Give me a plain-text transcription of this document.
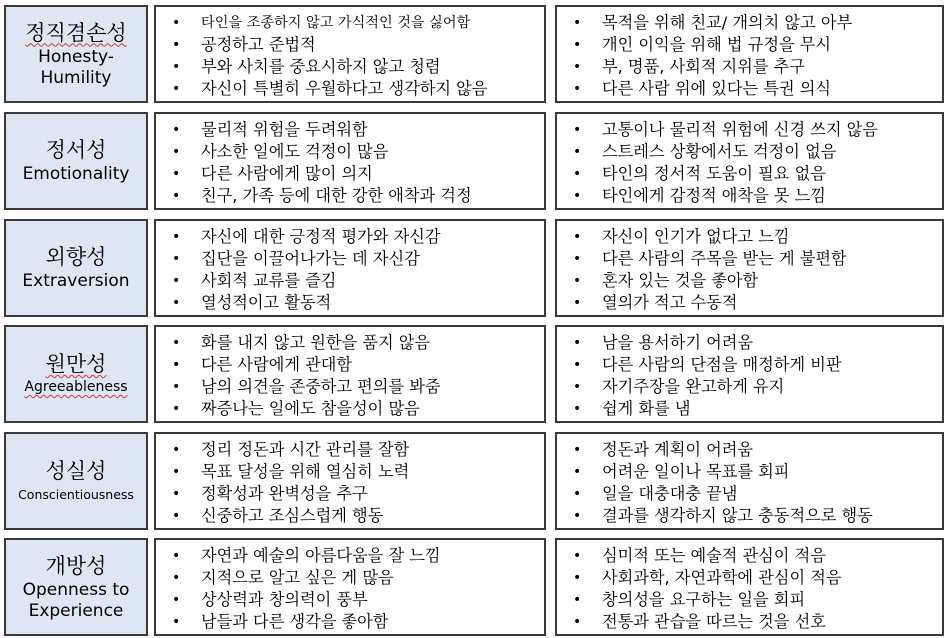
정직겸손성
Honesty-
Humility
• 타인을 조종하지 않고 가식적인 것을 싫어함
• 공정하고 준법적
• 부와 사치를 중요시하지 않고 청렴
• 자신이 특별히 우월하다고 생각하지 않음
• 목적을 위해 친교/ 개의치 않고 아부
• 개인 이익을 위해 법 규정을 무시
• 부, 명품, 사회적 지위를 추구
• 다른 사람 위에 있다는 특권 의식
정서성
Emotionality
• 물리적 위험을 두려워함
• 사소한 일에도 걱정이 많음
• 다른 사람에게 많이 의지
• 친구, 가족 등에 대한 강한 애착과 걱정
• 고통이나 물리적 위험에 신경 쓰지 않음
• 스트레스 상황에서도 걱정이 없음
• 타인의 정서적 도움이 필요 없음
• 타인에게 감정적 애착을 못 느낌
외향성
Extraversion
• 자신에 대한 긍정적 평가와 자신감
• 집단을 이끌어나가는 데 자신감
• 사회적 교류를 즐김
• 열성적이고 활동적
• 자신이 인기가 없다고 느낌
• 다른 사람의 주목을 받는 게 불편함
• 혼자 있는 것을 좋아함
• 열의가 적고 수동적
원만성
Agreeableness
• 화를 내지 않고 원한을 품지 않음
• 다른 사람에게 관대함
• 남의 의견을 존중하고 편의를 봐줌
• 짜증나는 일에도 참을성이 많음
• 남을 용서하기 어려움
• 다른 사람의 단점을 매정하게 비판
• 자기주장을 완고하게 유지
• 쉽게 화를 냄
성실성
Conscientiousness
• 정리 정돈과 시간 관리를 잘함
• 목표 달성을 위해 열심히 노력
• 정확성과 완벽성을 추구
• 신중하고 조심스럽게 행동
• 정돈과 계획이 어려움
• 어려운 일이나 목표를 회피
• 일을 대충대충 끝냄
• 결과를 생각하지 않고 충동적으로 행동
개방성
Openness to
Experience
• 자연과 예술의 아름다움을 잘 느낌
• 지적으로 알고 싶은 게 많음
• 상상력과 창의력이 풍부
• 남들과 다른 생각을 좋아함
• 심미적 또는 예술적 관심이 적음
• 사회과학, 자연과학에 관심이 적음
• 창의성을 요구하는 일을 회피
• 전통과 관습을 따르는 것을 선호
